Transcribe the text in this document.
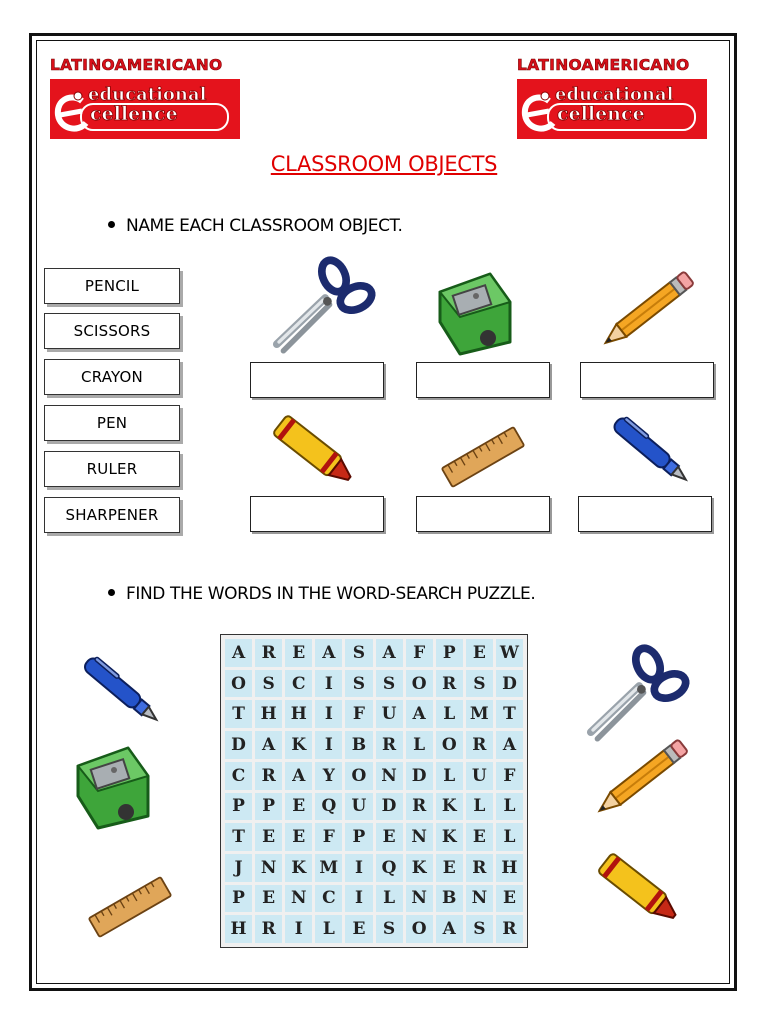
LATINOAMERICANO
educational
cellence
LATINOAMERICANO
educational
cellence
CLASSROOM OBJECTS
NAME EACH CLASSROOM OBJECT.
PENCIL
SCISSORS
CRAYON
PEN
RULER
SHARPENER
FIND THE WORDS IN THE WORD-SEARCH PUZZLE.
A R E	A	S	A	F	P	E W
O S	C	I	S	S O R S D
T H H	I	F U A	L M T
D A K	I	B R	L O R A
C R A	Y O N D L U F
P	P	E Q U D R K L	L
T	E	E	F	P	E N K E	L
J	N K M I	Q K E R H
P	E N C	I	L N B N E
H R	I	L	E	S O A	S R
